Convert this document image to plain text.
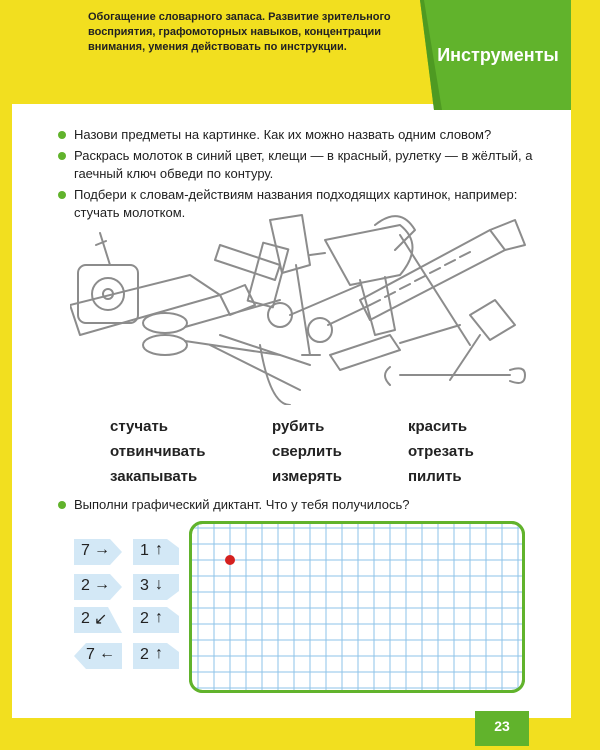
Обогащение словарного запаса. Развитие зрительного восприятия, графомоторных навыков, концентрации внимания, умения действовать по инструкции.	Инструменты
Назови предметы на картинке. Как их можно назвать одним словом?
Раскрась молоток в синий цвет, клещи — в красный, рулетку — в жёлтый, а гаечный ключ обведи по контуру.
Подбери к словам-действиям названия подходящих картинок, например: стучать молотком.
стучать
отвинчивать
закапывать
рубить
сверлить
измерять
красить
отрезать
пилить
Выполни графический диктант. Что у тебя получилось?
7 →
2 →
2 ↙
7 ←
1 ↑
3 ↓
2 ↑
2 ↑
23
